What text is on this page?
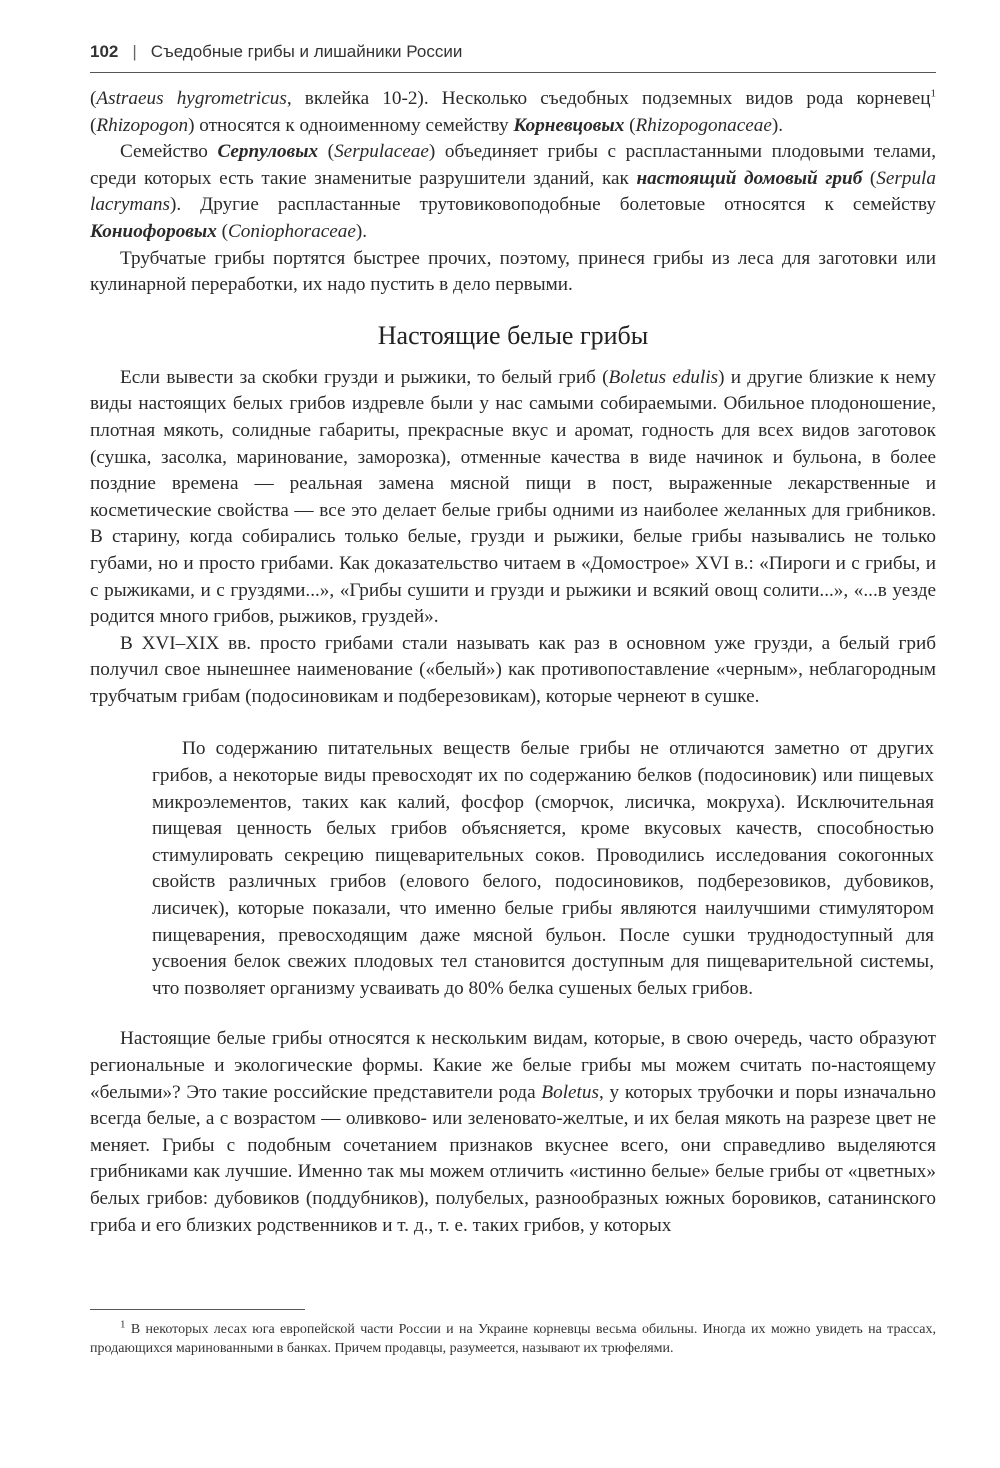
102 | Съедобные грибы и лишайники России

(Astraeus hygrometricus, вклейка 10-2). Несколько съедобных подземных видов рода корневец$^1$ (Rhizopogon) относятся к одноименному семейству Корневцовых (Rhizopogonaceae).

Семейство Серпуловых (Serpulaceae) объединяет грибы с распластанными плодовыми телами, среди которых есть такие знаменитые разрушители зданий, как настоящий домовый гриб (Serpula lacrymans). Другие распластанные трутовиковоподобные болетовые относятся к семейству Кониофоровых (Coniophoraceae).

Трубчатые грибы портятся быстрее прочих, поэтому, принеся грибы из леса для заготовки или кулинарной переработки, их надо пустить в дело первыми.

Настоящие белые грибы

Если вывести за скобки грузди и рыжики, то белый гриб (Boletus edulis) и другие близкие к нему виды настоящих белых грибов издревле были у нас самыми собираемыми. Обильное плодоношение, плотная мякоть, солидные габариты, прекрасные вкус и аромат, годность для всех видов заготовок (сушка, засолка, маринование, заморозка), отменные качества в виде начинок и бульона, в более поздние времена — реальная замена мясной пищи в пост, выраженные лекарственные и косметические свойства — все это делает белые грибы одними из наиболее желанных для грибников. В старину, когда собирались только белые, грузди и рыжики, белые грибы назывались не только губами, но и просто грибами. Как доказательство читаем в «Домострое» XVI в.: «Пироги и с грибы, и с рыжиками, и с груздями...», «Грибы сушити и грузди и рыжики и всякий овощ солити...», «...в уезде родится много грибов, рыжиков, груздей».

В XVI–XIX вв. просто грибами стали называть как раз в основном уже грузди, а белый гриб получил свое нынешнее наименование («белый») как противопоставление «черным», неблагородным трубчатым грибам (подосиновикам и подберезовикам), которые чернеют в сушке.

По содержанию питательных веществ белые грибы не отличаются заметно от других грибов, а некоторые виды превосходят их по содержанию белков (подосиновик) или пищевых микроэлементов, таких как калий, фосфор (сморчок, лисичка, мокруха). Исключительная пищевая ценность белых грибов объясняется, кроме вкусовых качеств, способностью стимулировать секрецию пищеварительных соков. Проводились исследования сокогонных свойств различных грибов (елового белого, подосиновиков, подберезовиков, дубовиков, лисичек), которые показали, что именно белые грибы являются наилучшими стимулятором пищеварения, превосходящим даже мясной бульон. После сушки труднодоступный для усвоения белок свежих плодовых тел становится доступным для пищеварительной системы, что позволяет организму усваивать до 80% белка сушеных белых грибов.

Настоящие белые грибы относятся к нескольким видам, которые, в свою очередь, часто образуют региональные и экологические формы. Какие же белые грибы мы можем считать по-настоящему «белыми»? Это такие российские представители рода Boletus, у которых трубочки и поры изначально всегда белые, а с возрастом — оливково- или зеленовато-желтые, и их белая мякоть на разрезе цвет не меняет. Грибы с подобным сочетанием признаков вкуснее всего, они справедливо выделяются грибниками как лучшие. Именно так мы можем отличить «истинно белые» белые грибы от «цветных» белых грибов: дубовиков (поддубников), полубелых, разнообразных южных боровиков, сатанинского гриба и его близких родственников и т. д., т. е. таких грибов, у которых

$^1$ В некоторых лесах юга европейской части России и на Украине корневцы весьма обильны. Иногда их можно увидеть на трассах, продающихся маринованными в банках. Причем продавцы, разумеется, называют их трюфелями.
